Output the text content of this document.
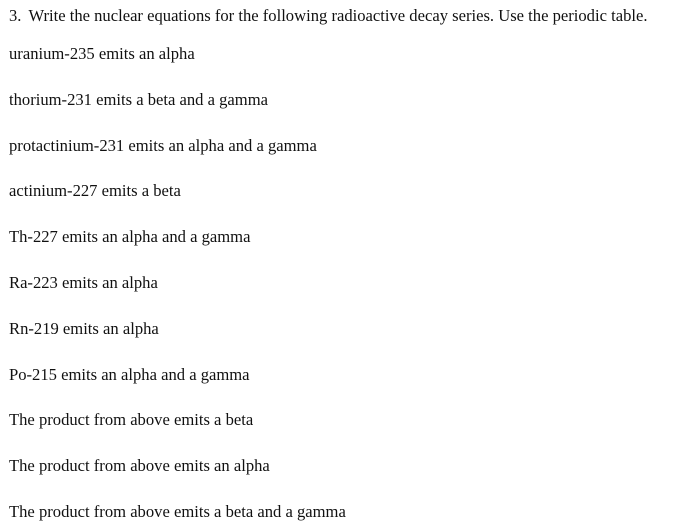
3. Write the nuclear equations for the following radioactive decay series. Use the periodic table.
uranium-235 emits an alpha
thorium-231 emits a beta and a gamma
protactinium-231 emits an alpha and a gamma
actinium-227 emits a beta
Th-227 emits an alpha and a gamma
Ra-223 emits an alpha
Rn-219 emits an alpha
Po-215 emits an alpha and a gamma
The product from above emits a beta
The product from above emits an alpha
The product from above emits a beta and a gamma
